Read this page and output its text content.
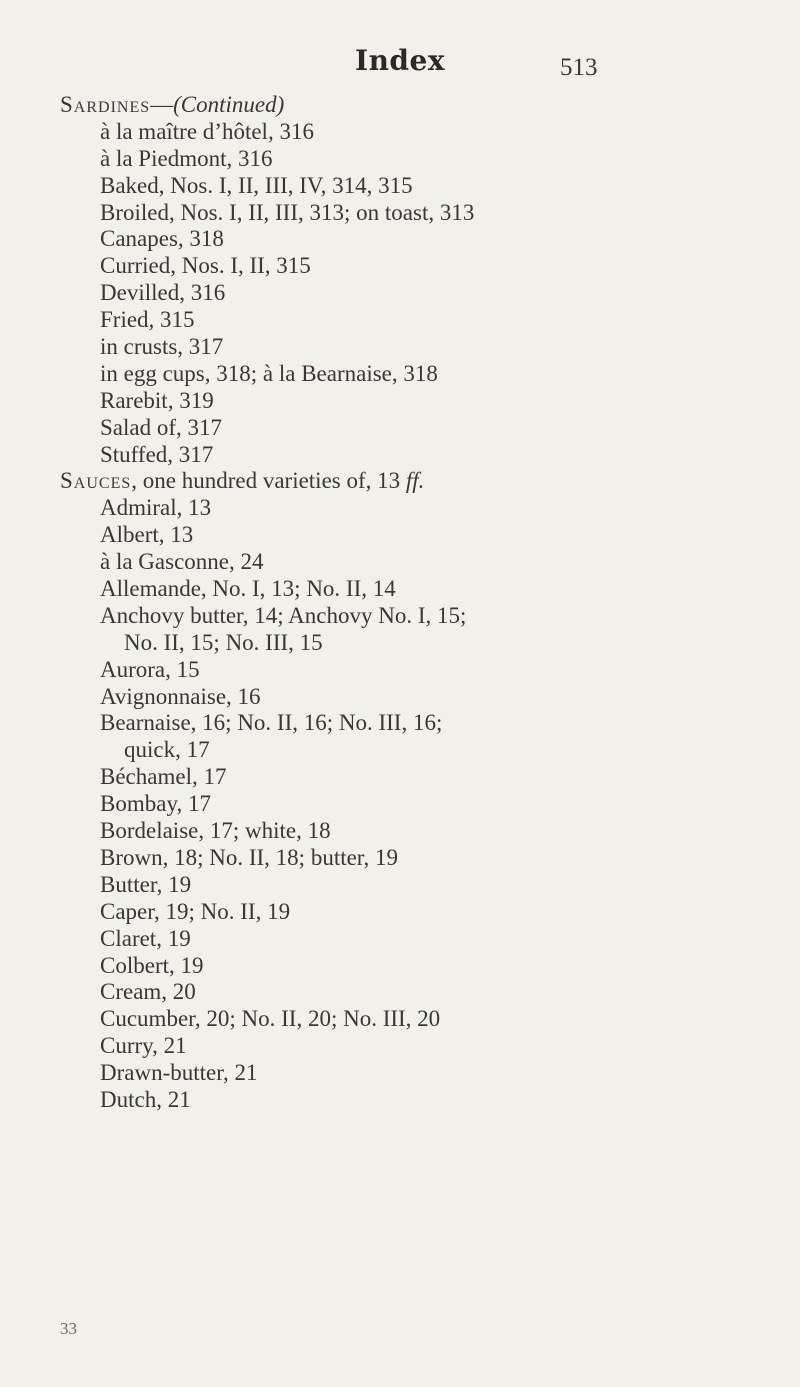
Index	513
Sardines—(Continued)
à la maître d’hôtel, 316
à la Piedmont, 316
Baked, Nos. I, II, III, IV, 314, 315
Broiled, Nos. I, II, III, 313; on toast, 313
Canapes, 318
Curried, Nos. I, II, 315
Devilled, 316
Fried, 315
in crusts, 317
in egg cups, 318; à la Bearnaise, 318
Rarebit, 319
Salad of, 317
Stuffed, 317
Sauces, one hundred varieties of, 13 ff.
Admiral, 13
Albert, 13
à la Gasconne, 24
Allemande, No. I, 13; No. II, 14
Anchovy butter, 14; Anchovy No. I, 15;
No. II, 15; No. III, 15
Aurora, 15
Avignonnaise, 16
Bearnaise, 16; No. II, 16; No. III, 16;
quick, 17
Béchamel, 17
Bombay, 17
Bordelaise, 17; white, 18
Brown, 18; No. II, 18; butter, 19
Butter, 19
Caper, 19; No. II, 19
Claret, 19
Colbert, 19
Cream, 20
Cucumber, 20; No. II, 20; No. III, 20
Curry, 21
Drawn-butter, 21
Dutch, 21
33
